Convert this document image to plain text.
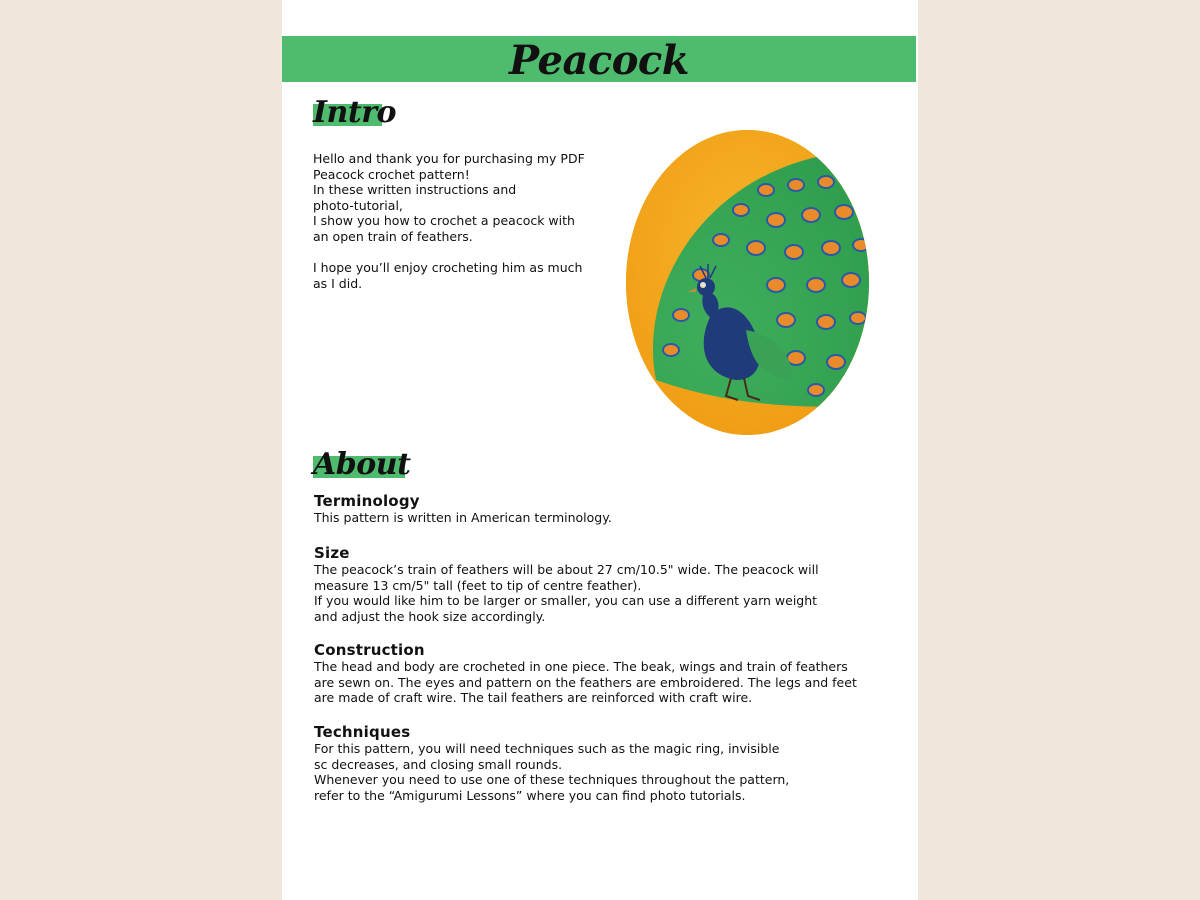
Peacock
Intro
Hello and thank you for purchasing my PDF
Peacock crochet pattern!
In these written instructions and
photo-tutorial,
I show you how to crochet a peacock with
an open train of feathers.
I hope you’ll enjoy crocheting him as much
as I did.
About
Terminology
This pattern is written in American terminology.
Size
The peacock’s train of feathers will be about 27 cm/10.5" wide. The peacock will
measure 13 cm/5" tall (feet to tip of centre feather).
If you would like him to be larger or smaller, you can use a different yarn weight
and adjust the hook size accordingly.
Construction
The head and body are crocheted in one piece. The beak, wings and train of feathers
are sewn on. The eyes and pattern on the feathers are embroidered. The legs and feet
are made of craft wire. The tail feathers are reinforced with craft wire.
Techniques
For this pattern, you will need techniques such as the magic ring, invisible
sc decreases, and closing small rounds.
Whenever you need to use one of these techniques throughout the pattern,
refer to the “Amigurumi Lessons” where you can find photo tutorials.
